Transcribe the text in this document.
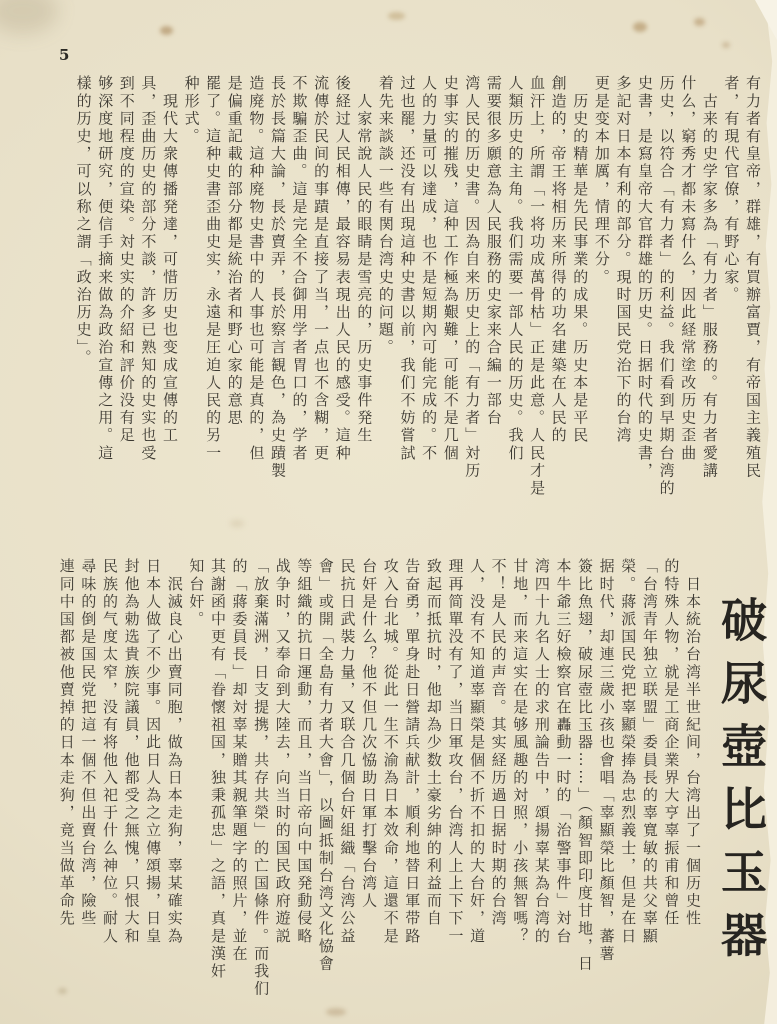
5
有力者有皇帝，群雄，有買辦富賈，有帝国主義殖民
者，有現代官僚，有野心家。
　古来的史学家多為「有力者」服務的。有力者愛講
什么，窮秀才都未寫什么，因此経常塗改历史歪曲
历史，以符合「有力者」的利益。我们看到早期台湾的
史書，是寫皇帝大官群雄的历史。日据时代的史書，
多記对日本有利的部分。現时国民党治下的台湾
更是变本加厲，情理不分。
　历史的精華是先民事業的成果。历史本是平民
創造的，帝王将相历来所得的功名建築在人民的
血汗上，所謂「一将功成萬骨枯」正是此意。人民才是
人類历史的主角。我们需要一部人民的历史。我们
需要很多願意為人民服務的史家来合編一部台
湾人民的历史書。因為自来历史上的「有力者」対历
史事实的摧残，這种工作極為艱難，可能不是几個
人的力量可以達成，也不是短期內可能完成的。不
过也罷，还没有出現這种史書以前，我们不妨嘗試
着先来談談一些有関台湾史的问題。
　人家常說人民的眼睛是雪亮的，历史事件発生
後経过人民相傳，最容易表現出人民的感受。這种
流傳於民间的事蹟是直接了当，一点也不含糊，更
不欺騙歪曲。這是完全不合御用学者胃口的，学者
長於長篇大論，長於賣弄，長於察言観色，為史蹟製
造廃物。這种廃物史書中的人事也可能是真的，但
是偏重記載的部分都是統治者和野心家的意思
罷了。這种史書歪曲史实，永遠是圧迫人民的另一
种形式。
　現代大衆傳播発達，可惜历史也变成宣傳的工
具，歪曲历史的部分不談，許多已熟知的史实也受
到不同程度的宣染。対史实的介紹和評价没有足
够深度地研究，便信手摘来做為政治宣傳之用。這
樣的历史，可以称之謂「政治历史」。
破尿壺比玉器
　日本統治台湾半世紀间，台湾出了一個历史性
的特殊人物，就是工商企業界大亨辜振甫和曾任
「台湾青年独立联盟」委員長的辜寬敏的共父辜顯
榮。蔣派国民党把辜顯榮捧為忠烈義士，但是在日
据时代，却連三歲小孩也會唱「辜顯榮比顏智，蕃薯
簽比魚翅，破尿壺比玉器……」（顏智即印度甘地，日
本牛爺三好檢察官在轟動一时的「治警事件」対台
湾四十九名人士的求刑論告中，頌揚辜某為台湾的
甘地，而来這实在是够風趣的対照，小孩無智嗎？
不！是人民的声音。其实経历過日据时期的台湾
人，没有不知道辜顯榮是個不折不扣的大台奸，道
理再简單没有了，当日軍攻台，台湾人上上下下一
致起而抵抗时，他却為少数土豪劣紳的利益而自
告奋勇，單身赴日營請兵献計，順利地替日軍带路
攻入台北城。從此一生不渝為日本效命，這還不是
台奸是什么？他不但几次恊助日軍打擊台湾人
民抗日武裝力量，又联合几個台奸組織「台湾公益
會」或開「全島有力者大會」，以圖抵制台湾文化恊會
等組織的抗日運動，而且，当日帝向中国発動侵略
战争时，又奉命到大陸去，向当时的国民政府遊説
「放棄滿洲，日支提携，共存共榮」的亡国條件。而我们
的「蔣委員長」却対辜某贈其親筆題字的照片，並在
其謝函中更有「眷懷祖国，独秉孤忠」之語，真是漢奸
知台奸。
　泯滅良心出賣同胞，做為日本走狗，辜某確实為
日本人做了不少事。因此日人為之立傳頌揚，日皇
封他為勅选貴族院議員，他都受之無愧，只恨大和
民族的气度太窄，没有将他入祀于什么神位。耐人
尋味的倒是国民党把這一個不但出賣台湾，險些
連同中国都被他賣掉的日本走狗，竟当做革命先
